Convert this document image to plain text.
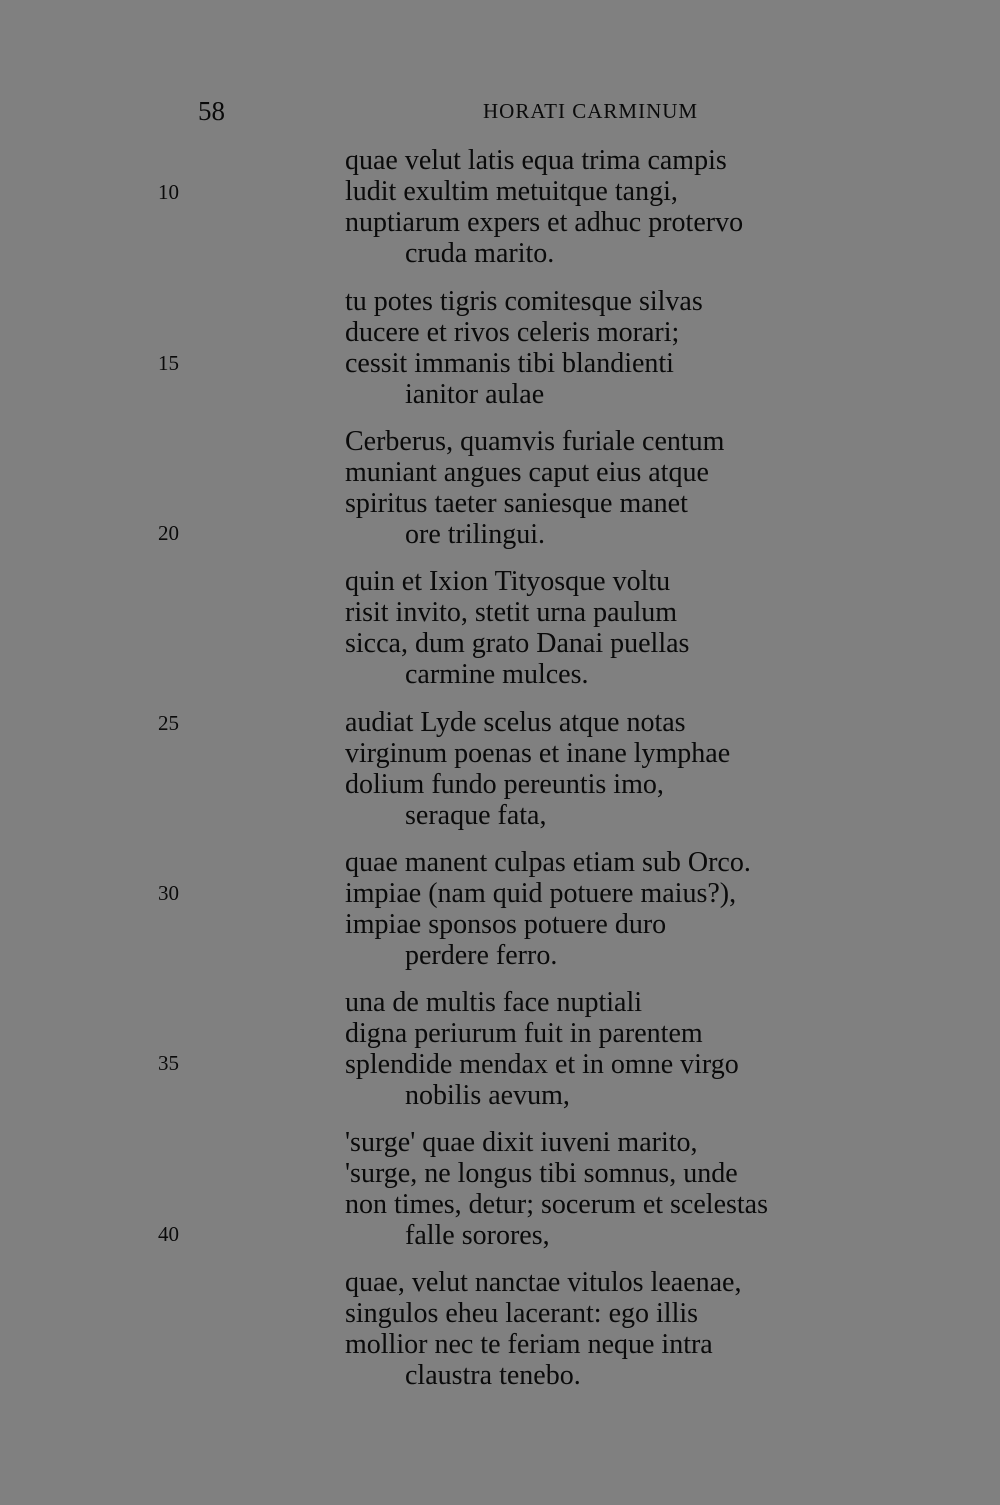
58	HORATI CARMINUM
10
15
20
25
30
35
40
quae velut latis equa trima campis
ludit exultim metuitque tangi,
nuptiarum expers et adhuc protervo
cruda marito.
tu potes tigris comitesque silvas
ducere et rivos celeris morari;
cessit immanis tibi blandienti
ianitor aulae
Cerberus, quamvis furiale centum
muniant angues caput eius atque
spiritus taeter saniesque manet
ore trilingui.
quin et Ixion Tityosque voltu
risit invito, stetit urna paulum
sicca, dum grato Danai puellas
carmine mulces.
audiat Lyde scelus atque notas
virginum poenas et inane lymphae
dolium fundo pereuntis imo,
seraque fata,
quae manent culpas etiam sub Orco.
impiae (nam quid potuere maius?),
impiae sponsos potuere duro
perdere ferro.
una de multis face nuptiali
digna periurum fuit in parentem
splendide mendax et in omne virgo
nobilis aevum,
'surge' quae dixit iuveni marito,
'surge, ne longus tibi somnus, unde
non times, detur; socerum et scelestas
falle sorores,
quae, velut nanctae vitulos leaenae,
singulos eheu lacerant: ego illis
mollior nec te feriam neque intra
claustra tenebo.
